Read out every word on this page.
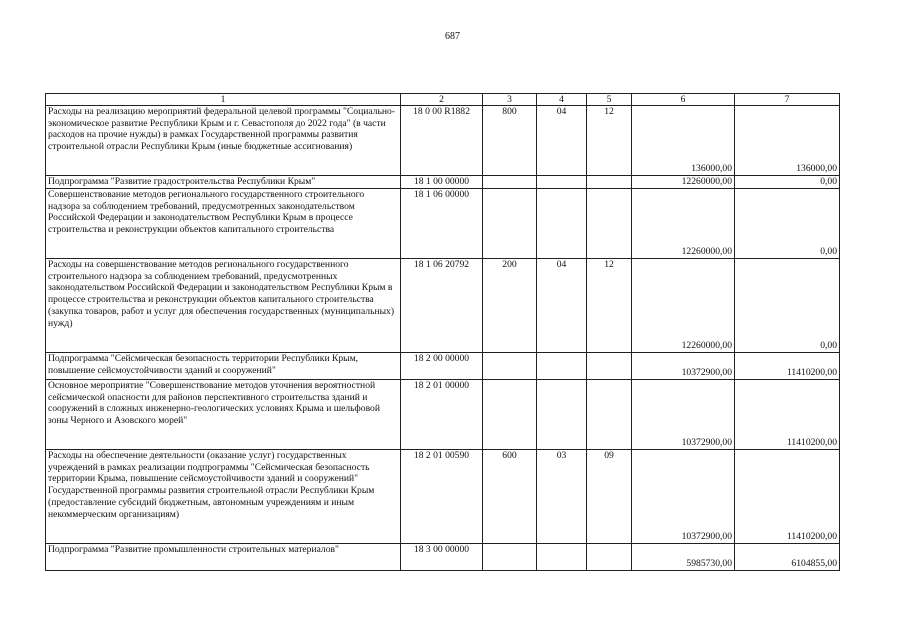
687
1	2	3	4	5	6	7
Расходы на реализацию мероприятий федеральной целевой программы "Социально-экономическое развитие Республики Крым и г. Севастополя до 2022 года" (в части расходов на прочие нужды) в рамках Государственной программы развития строительной отрасли Республики Крым (иные бюджетные ассигнования)	18 0 00 R1882	800	04	12	136000,00	136000,00
Подпрограмма "Развитие градостроительства Республики Крым"	18 1 00 00000				12260000,00	0,00
Совершенствование методов регионального государственного строительного надзора за соблюдением требований, предусмотренных законодательством Российской Федерации и законодательством Республики Крым в процессе строительства и реконструкции объектов капитального строительства	18 1 06 00000				12260000,00	0,00
Расходы на совершенствование методов регионального государственного строительного надзора за соблюдением требований, предусмотренных законодательством Российской Федерации и законодательством Республики Крым в процессе строительства и реконструкции объектов капитального строительства (закупка товаров, работ и услуг для обеспечения государственных (муниципальных) нужд)	18 1 06 20792	200	04	12	12260000,00	0,00
Подпрограмма "Сейсмическая безопасность территории Республики Крым, повышение сейсмоустойчивости зданий и сооружений"	18 2 00 00000				10372900,00	11410200,00
Основное мероприятие "Совершенствование методов уточнения вероятностной сейсмической опасности для районов перспективного строительства зданий и сооружений в сложных инженерно-геологических условиях Крыма и шельфовой зоны Черного и Азовского морей"	18 2 01 00000				10372900,00	11410200,00
Расходы на обеспечение деятельности (оказание услуг) государственных учреждений в рамках реализации подпрограммы "Сейсмическая безопасность территории Крыма, повышение сейсмоустойчивости зданий и сооружений" Государственной программы развития строительной отрасли Республики Крым (предоставление субсидий бюджетным, автономным учреждениям и иным некоммерческим организациям)	18 2 01 00590	600	03	09	10372900,00	11410200,00
Подпрограмма "Развитие промышленности строительных материалов"	18 3 00 00000				5985730,00	6104855,00
